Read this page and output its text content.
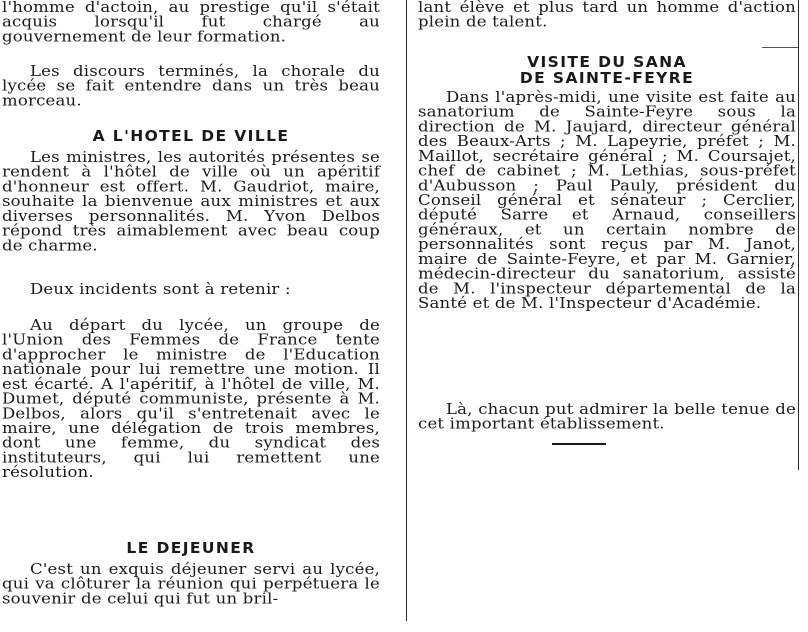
l'homme d'actoin, au prestige qu'il s'était acquis lorsqu'il fut chargé au gouvernement de leur formation.

Les discours terminés, la chorale du lycée se fait entendre dans un très beau morceau.

A L'HOTEL DE VILLE

Les ministres, les autorités présentes se rendent à l'hôtel de ville où un apéritif d'honneur est offert. M. Gaudriot, maire, souhaite la bienvenue aux ministres et aux diverses personnalités. M. Yvon Delbos répond très aimablement avec beau coup de charme.

Deux incidents sont à retenir :

Au départ du lycée, un groupe de l'Union des Femmes de France tente d'approcher le ministre de l'Education nationale pour lui remettre une motion. Il est écarté. A l'apéritif, à l'hôtel de ville, M. Dumet, député communiste, présente à M. Delbos, alors qu'il s'entretenait avec le maire, une délégation de trois membres, dont une femme, du syndicat des instituteurs, qui lui remettent une résolution.

LE DEJEUNER

C'est un exquis déjeuner servi au lycée, qui va clôturer la réunion qui perpétuera le souvenir de celui qui fut un bril-

lant élève et plus tard un homme d'action plein de talent.

VISITE DU SANA
DE SAINTE-FEYRE

Dans l'après-midi, une visite est faite au sanatorium de Sainte-Feyre sous la direction de M. Jaujard, directeur général des Beaux-Arts ; M. Lapeyrie, préfet ; M. Maillot, secrétaire général ; M. Coursajet, chef de cabinet ; M. Lethias, sous-préfet d'Aubusson ; Paul Pauly, président du Conseil général et sénateur ; Cerclier, député Sarre et Arnaud, conseillers généraux, et un certain nombre de personnalités sont reçus par M. Janot, maire de Sainte-Feyre, et par M. Garnier, médecin-directeur du sanatorium, assisté de M. l'inspecteur départemental de la Santé et de M. l'Inspecteur d'Académie.

Là, chacun put admirer la belle tenue de cet important établissement.
